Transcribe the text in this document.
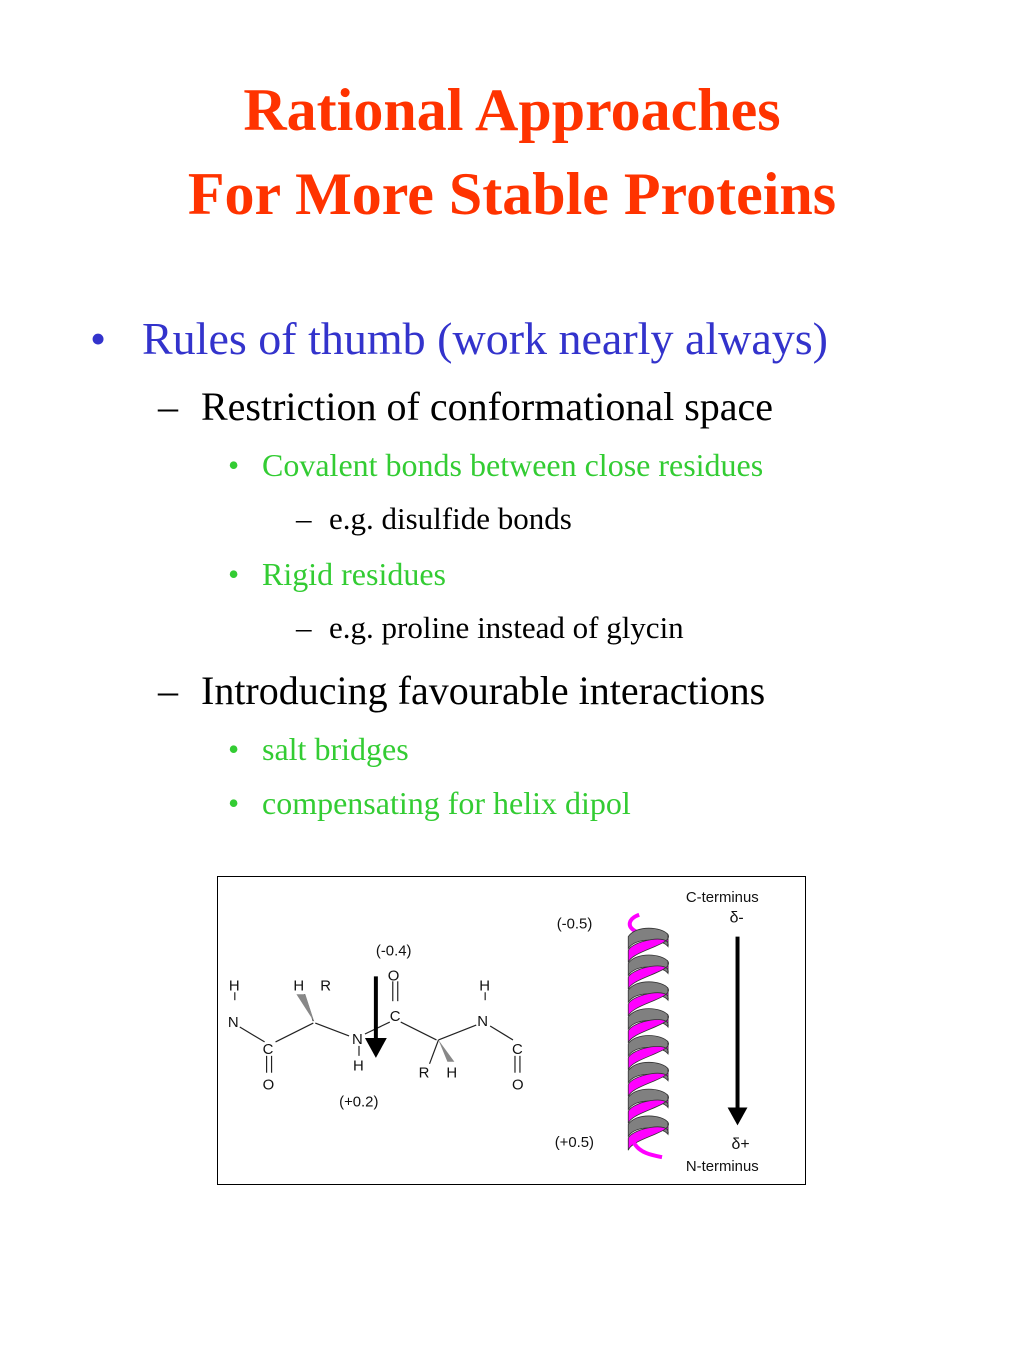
Rational Approaches
For More Stable Proteins
• Rules of thumb (work nearly always)
– Restriction of conformational space
• Covalent bonds between close residues
– e.g. disulfide bonds
• Rigid residues
– e.g. proline instead of glycin
– Introducing favourable interactions
• salt bridges
• compensating for helix dipol
H
N
C
O
H R
N
H
O
C
R H
H
N
C
O
(-0.4)
(+0.2)
(-0.5)
(+0.5)
C-terminus
δ-
δ+
N-terminus
